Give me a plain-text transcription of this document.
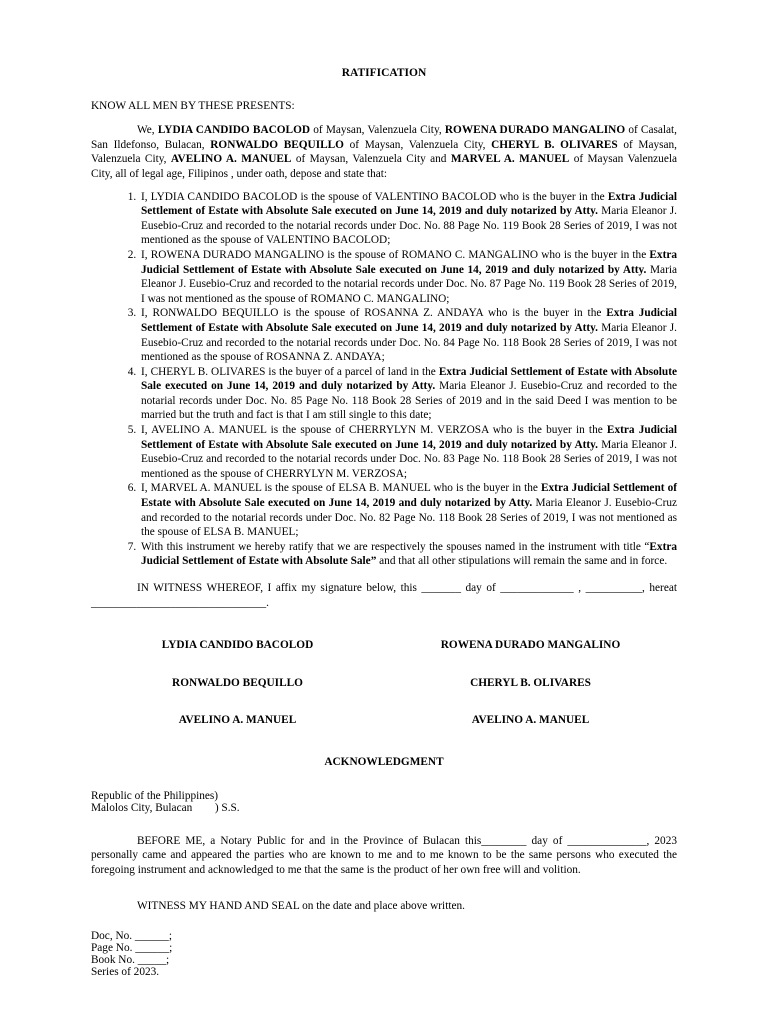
RATIFICATION

KNOW ALL MEN BY THESE PRESENTS:

We, LYDIA CANDIDO BACOLOD of Maysan, Valenzuela City, ROWENA DURADO MANGALINO of Casalat, San Ildefonso, Bulacan, RONWALDO BEQUILLO of Maysan, Valenzuela City, CHERYL B. OLIVARES of Maysan, Valenzuela City, AVELINO A. MANUEL of Maysan, Valenzuela City and MARVEL A. MANUEL of Maysan Valenzuela City, all of legal age, Filipinos , under oath, depose and state that:

1. I, LYDIA CANDIDO BACOLOD is the spouse of VALENTINO BACOLOD who is the buyer in the Extra Judicial Settlement of Estate with Absolute Sale executed on June 14, 2019 and duly notarized by Atty. Maria Eleanor J. Eusebio-Cruz and recorded to the notarial records under Doc. No. 88 Page No. 119 Book 28 Series of 2019, I was not mentioned as the spouse of VALENTINO BACOLOD;
2. I, ROWENA DURADO MANGALINO is the spouse of ROMANO C. MANGALINO who is the buyer in the Extra Judicial Settlement of Estate with Absolute Sale executed on June 14, 2019 and duly notarized by Atty. Maria Eleanor J. Eusebio-Cruz and recorded to the notarial records under Doc. No. 87 Page No. 119 Book 28 Series of 2019, I was not mentioned as the spouse of ROMANO C. MANGALINO;
3. I, RONWALDO BEQUILLO is the spouse of ROSANNA Z. ANDAYA who is the buyer in the Extra Judicial Settlement of Estate with Absolute Sale executed on June 14, 2019 and duly notarized by Atty. Maria Eleanor J. Eusebio-Cruz and recorded to the notarial records under Doc. No. 84 Page No. 118 Book 28 Series of 2019, I was not mentioned as the spouse of ROSANNA Z. ANDAYA;
4. I, CHERYL B. OLIVARES is the buyer of a parcel of land in the Extra Judicial Settlement of Estate with Absolute Sale executed on June 14, 2019 and duly notarized by Atty. Maria Eleanor J. Eusebio-Cruz and recorded to the notarial records under Doc. No. 85 Page No. 118 Book 28 Series of 2019 and in the said Deed I was mention to be married but the truth and fact is that I am still single to this date;
5. I, AVELINO A. MANUEL is the spouse of CHERRYLYN M. VERZOSA who is the buyer in the Extra Judicial Settlement of Estate with Absolute Sale executed on June 14, 2019 and duly notarized by Atty. Maria Eleanor J. Eusebio-Cruz and recorded to the notarial records under Doc. No. 83 Page No. 118 Book 28 Series of 2019, I was not mentioned as the spouse of CHERRYLYN M. VERZOSA;
6. I, MARVEL A. MANUEL is the spouse of ELSA B. MANUEL who is the buyer in the Extra Judicial Settlement of Estate with Absolute Sale executed on June 14, 2019 and duly notarized by Atty. Maria Eleanor J. Eusebio-Cruz and recorded to the notarial records under Doc. No. 82 Page No. 118 Book 28 Series of 2019, I was not mentioned as the spouse of ELSA B. MANUEL;
7. With this instrument we hereby ratify that we are respectively the spouses named in the instrument with title “Extra Judicial Settlement of Estate with Absolute Sale” and that all other stipulations will remain the same and in force.

IN WITNESS WHEREOF, I affix my signature below, this _______ day of _____________ , __________, hereat _______________________________.

LYDIA CANDIDO BACOLOD	ROWENA DURADO MANGALINO
RONWALDO BEQUILLO	CHERYL B. OLIVARES
AVELINO A. MANUEL	AVELINO A. MANUEL

ACKNOWLEDGMENT

Republic of the Philippines)
Malolos City, Bulacan        ) S.S.

BEFORE ME, a Notary Public for and in the Province of Bulacan this________ day of ______________, 2023 personally came and appeared the parties who are known to me and to me known to be the same persons who executed the foregoing instrument and acknowledged to me that the same is the product of her own free will and volition.

WITNESS MY HAND AND SEAL on the date and place above written.

Doc, No. ______;
Page No. ______;
Book No. _____;
Series of 2023.
